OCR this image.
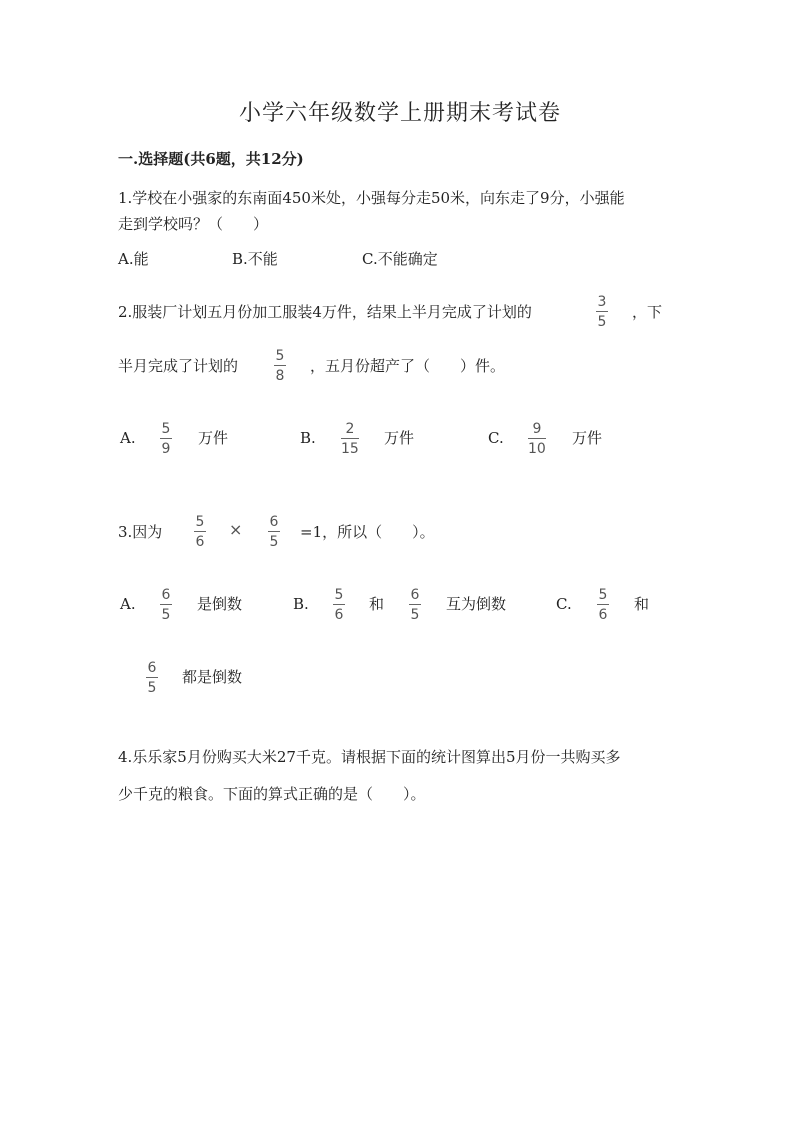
小学六年级数学上册期末考试卷
一.选择题(共6题，共12分)
1.学校在小强家的东南面450米处，小强每分走50米，向东走了9分，小强能
走到学校吗？（　　）
A.能	B.不能	C.不能确定
2.服装厂计划五月份加工服装4万件，结果上半月完成了计划的
3
5
，下
半月完成了计划的
5
8
，五月份超产了（　　）件。
A. 5
9
万件	B. 2
15
万件	C. 9
10
万件
3.因为
5
6
× 6
5
=1，所以（　　）。
A. 6
5
是倒数	B. 5
6
和 6
5
互为倒数	C. 5
6
和
6
5
都是倒数
4.乐乐家5月份购买大米27千克。请根据下面的统计图算出5月份一共购买多
少千克的粮食。下面的算式正确的是（　　）。
